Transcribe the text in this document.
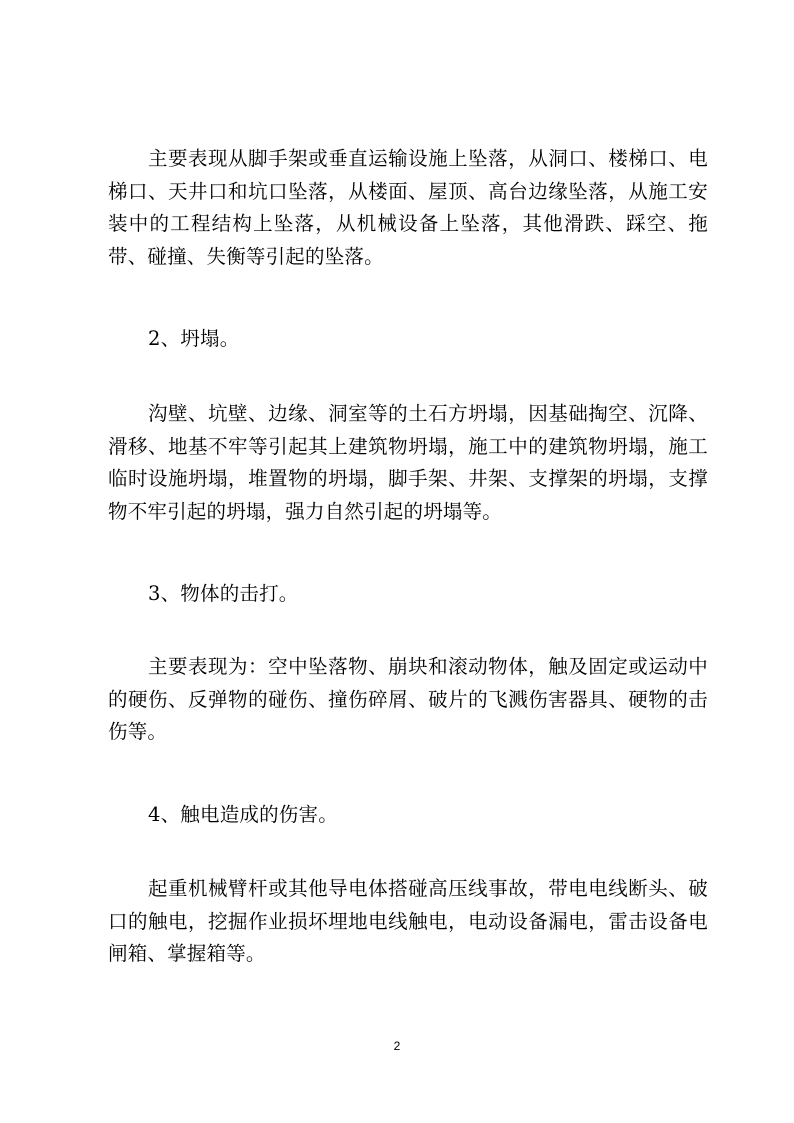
主要表现从脚手架或垂直运输设施上坠落，从洞口、楼梯口、电梯口、天井口和坑口坠落，从楼面、屋顶、高台边缘坠落，从施工安装中的工程结构上坠落，从机械设备上坠落，其他滑跌、踩空、拖带、碰撞、失衡等引起的坠落。

2、坍塌。

沟壁、坑壁、边缘、洞室等的土石方坍塌，因基础掏空、沉降、滑移、地基不牢等引起其上建筑物坍塌，施工中的建筑物坍塌，施工临时设施坍塌，堆置物的坍塌，脚手架、井架、支撑架的坍塌，支撑物不牢引起的坍塌，强力自然引起的坍塌等。

3、物体的击打。

主要表现为：空中坠落物、崩块和滚动物体，触及固定或运动中的硬伤、反弹物的碰伤、撞伤碎屑、破片的飞溅伤害器具、硬物的击伤等。

4、触电造成的伤害。

起重机械臂杆或其他导电体搭碰高压线事故，带电电线断头、破口的触电，挖掘作业损坏埋地电线触电，电动设备漏电，雷击设备电闸箱、掌握箱等。

2
